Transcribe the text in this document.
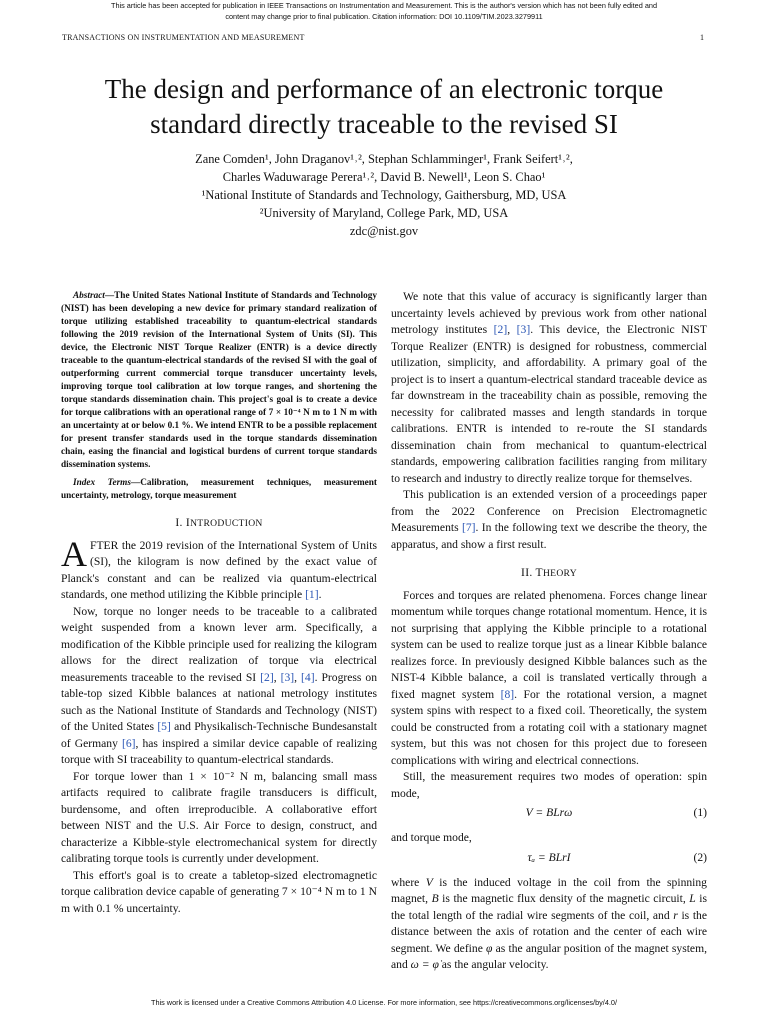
This article has been accepted for publication in IEEE Transactions on Instrumentation and Measurement. This is the author's version which has not been fully edited and
content may change prior to final publication. Citation information: DOI 10.1109/TIM.2023.3279911
TRANSACTIONS ON INSTRUMENTATION AND MEASUREMENT	1
The design and performance of an electronic torque
standard directly traceable to the revised SI
Zane Comden¹, John Draganov¹˒², Stephan Schlamminger¹, Frank Seifert¹˒²,
Charles Waduwarage Perera¹˒², David B. Newell¹, Leon S. Chao¹
¹National Institute of Standards and Technology, Gaithersburg, MD, USA
²University of Maryland, College Park, MD, USA
zdc@nist.gov

Abstract—The United States National Institute of Standards and Technology (NIST) has been developing a new device for primary standard realization of torque utilizing established traceability to quantum-electrical standards following the 2019 revision of the International System of Units (SI). This device, the Electronic NIST Torque Realizer (ENTR) is a device directly traceable to the quantum-electrical standards of the revised SI with the goal of outperforming current commercial torque transducer uncertainty levels, improving torque tool calibration at low torque ranges, and shortening the torque standards dissemination chain. This project's goal is to create a device for torque calibrations with an operational range of 7 × 10⁻⁴ N m to 1 N m with an uncertainty at or below 0.1 %. We intend ENTR to be a possible replacement for present transfer standards used in the torque standards dissemination chain, easing the financial and logistical burdens of current torque standards dissemination systems.

Index Terms—Calibration, measurement techniques, measurement uncertainty, metrology, torque measurement

I. INTRODUCTION

AFTER the 2019 revision of the International System of Units (SI), the kilogram is now defined by the exact value of Planck's constant and can be realized via quantum-electrical standards, one method utilizing the Kibble principle [1].

Now, torque no longer needs to be traceable to a calibrated weight suspended from a known lever arm. Specifically, a modification of the Kibble principle used for realizing the kilogram allows for the direct realization of torque via electrical measurements traceable to the revised SI [2], [3], [4]. Progress on table-top sized Kibble balances at national metrology institutes such as the National Institute of Standards and Technology (NIST) of the United States [5] and Physikalisch-Technische Bundesanstalt of Germany [6], has inspired a similar device capable of realizing torque with SI traceability to quantum-electrical standards.

For torque lower than 1 × 10⁻² N m, balancing small mass artifacts required to calibrate fragile transducers is difficult, burdensome, and often irreproducible. A collaborative effort between NIST and the U.S. Air Force to design, construct, and characterize a Kibble-style electromechanical system for directly calibrating torque tools is currently under development.

This effort's goal is to create a tabletop-sized electromagnetic torque calibration device capable of generating 7 × 10⁻⁴ N m to 1 N m with 0.1 % uncertainty.

We note that this value of accuracy is significantly larger than uncertainty levels achieved by previous work from other national metrology institutes [2], [3]. This device, the Electronic NIST Torque Realizer (ENTR) is designed for robustness, commercial utilization, simplicity, and affordability. A primary goal of the project is to insert a quantum-electrical standard traceable device as far downstream in the traceability chain as possible, removing the necessity for calibrated masses and length standards in torque calibrations. ENTR is intended to re-route the SI standards dissemination chain from mechanical to quantum-electrical standards, empowering calibration facilities ranging from military to research and industry to directly realize torque for themselves.

This publication is an extended version of a proceedings paper from the 2022 Conference on Precision Electromagnetic Measurements [7]. In the following text we describe the theory, the apparatus, and show a first result.

II. THEORY

Forces and torques are related phenomena. Forces change linear momentum while torques change rotational momentum. Hence, it is not surprising that applying the Kibble principle to a rotational system can be used to realize torque just as a linear Kibble balance realizes force. In previously designed Kibble balances such as the NIST-4 Kibble balance, a coil is translated vertically through a fixed magnet system [8]. For the rotational version, a magnet system spins with respect to a fixed coil. Theoretically, the system could be constructed from a rotating coil with a stationary magnet system, but this was not chosen for this project due to foreseen complications with wiring and electrical connections.

Still, the measurement requires two modes of operation: spin mode,

V = BLrω	(1)

and torque mode,

τₐ = BLrI	(2)

where V is the induced voltage in the coil from the spinning magnet, B is the magnetic flux density of the magnetic circuit, L is the total length of the radial wire segments of the coil, and r is the distance between the axis of rotation and the center of each wire segment. We define φ as the angular position of the magnet system, and ω = φ̇ as the angular velocity.

This work is licensed under a Creative Commons Attribution 4.0 License. For more information, see https://creativecommons.org/licenses/by/4.0/
